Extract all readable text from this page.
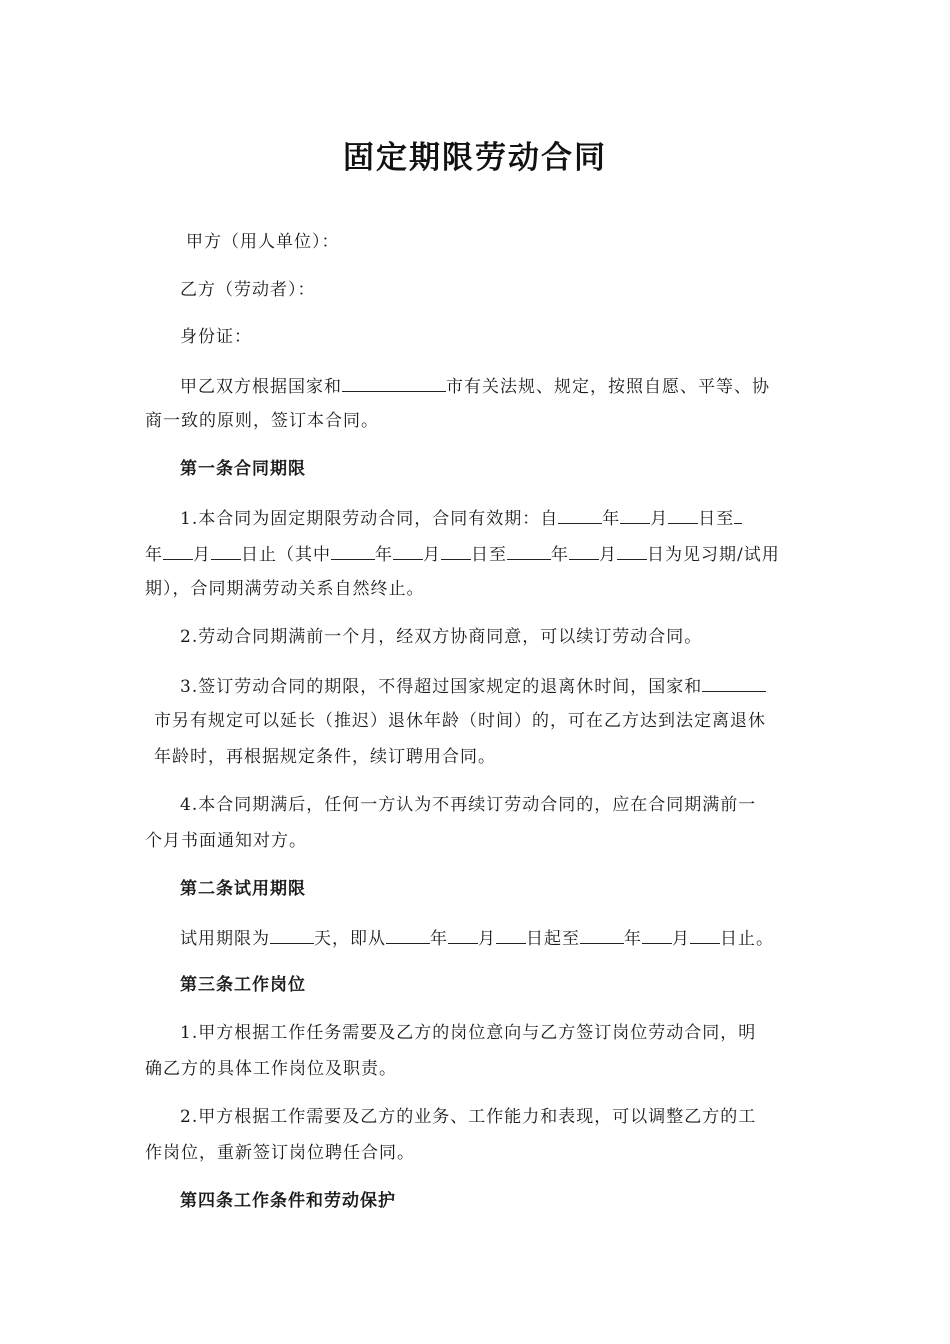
固定期限劳动合同
甲方（用人单位）：
乙方（劳动者）：
身份证：
甲乙双方根据国家和	市有关法规、规定，按照自愿、平等、协
商一致的原则，签订本合同。
第一条合同期限
1.本合同为固定期限劳动合同，合同有效期：自	年 月 日至
年 月 日止（其中	年 月 日至	年 月 日为见习期/试用
期），合同期满劳动关系自然终止。
2.劳动合同期满前一个月，经双方协商同意，可以续订劳动合同。
3.签订劳动合同的期限，不得超过国家规定的退离休时间，国家和
市另有规定可以延长（推迟）退休年龄（时间）的，可在乙方达到法定离退休
年龄时，再根据规定条件，续订聘用合同。
4.本合同期满后，任何一方认为不再续订劳动合同的，应在合同期满前一
个月书面通知对方。
第二条试用期限
试用期限为	天，即从	年 月 日起至	年 月 日止。
第三条工作岗位
1.甲方根据工作任务需要及乙方的岗位意向与乙方签订岗位劳动合同，明
确乙方的具体工作岗位及职责。
2.甲方根据工作需要及乙方的业务、工作能力和表现，可以调整乙方的工
作岗位，重新签订岗位聘任合同。
第四条工作条件和劳动保护
